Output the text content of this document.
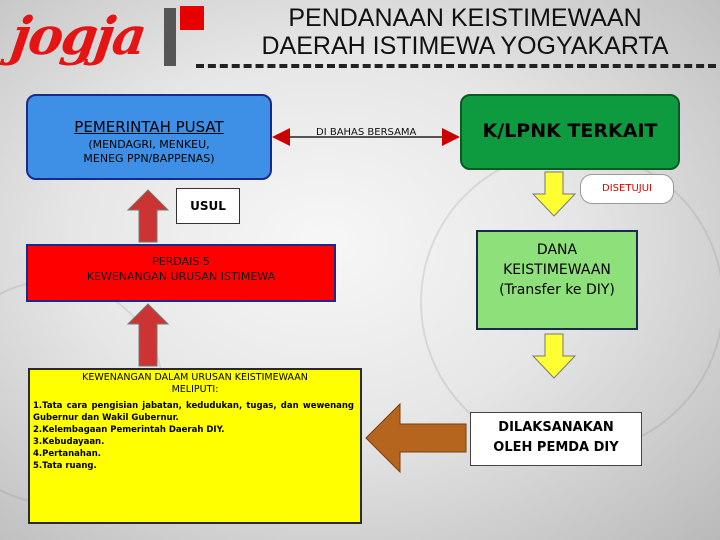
jogja	PENDANAAN KEISTIMEWAAN
DAERAH ISTIMEWA YOGYAKARTA
PEMERINTAH PUSAT
(MENDAGRI, MENKEU,
MENEG PPN/BAPPENAS)
DI BAHAS BERSAMA	K/LPNK TERKAIT
USUL
DISETUJUI
PERDAIS 5
KEWENANGAN URUSAN ISTIMEWA
DANA
KEISTIMEWAAN
(Transfer ke DIY)
KEWENANGAN DALAM URUSAN KEISTIMEWAAN
MELIPUTI:
1.Tata cara pengisian jabatan, kedudukan, tugas, dan wewenang Gubernur dan Wakil Gubernur.
2.Kelembagaan Pemerintah Daerah DIY.
3.Kebudayaan.
4.Pertanahan.
5.Tata ruang.
DILAKSANAKAN
OLEH PEMDA DIY
